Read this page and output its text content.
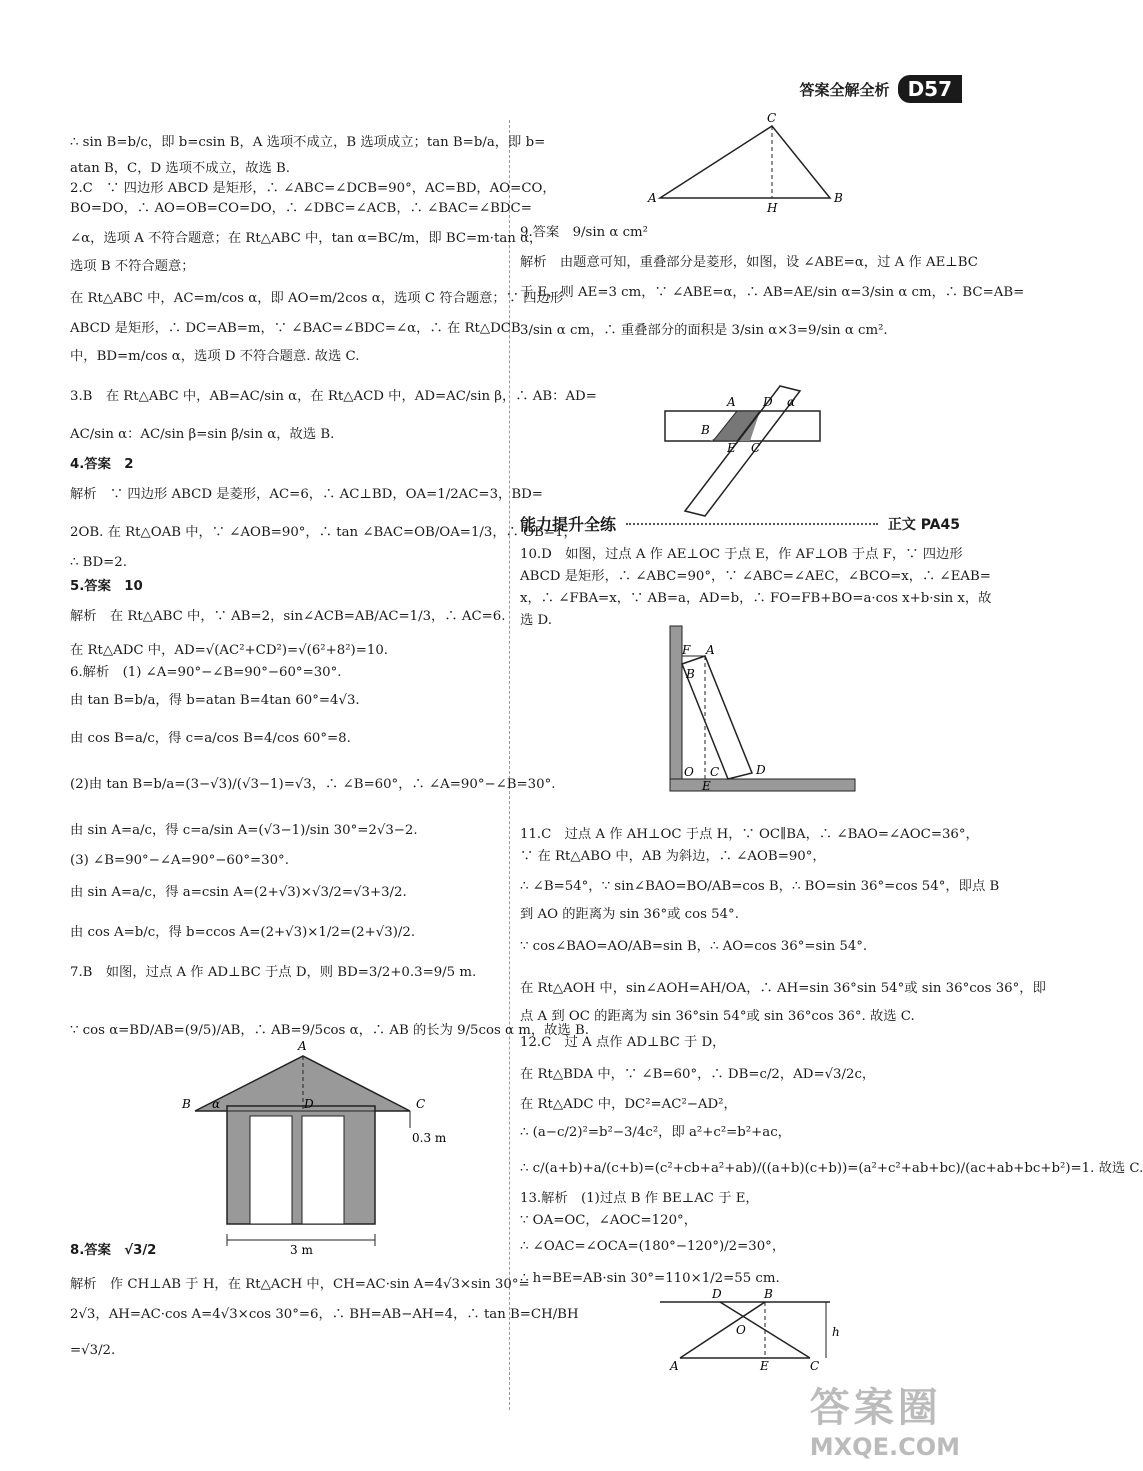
答案全解全析 D57
∴ sin B=b/c，即 b=csin B，A 选项不成立，B 选项成立；tan B=b/a，即 b=
atan B，C，D 选项不成立，故选 B.
2.C　∵ 四边形 ABCD 是矩形，∴ ∠ABC=∠DCB=90°，AC=BD，AO=CO，
BO=DO，∴ AO=OB=CO=DO，∴ ∠DBC=∠ACB，∴ ∠BAC=∠BDC=
∠α，选项 A 不符合题意；在 Rt△ABC 中，tan α=BC/m，即 BC=m·tan α，
选项 B 不符合题意；
在 Rt△ABC 中，AC=m/cos α，即 AO=m/2cos α，选项 C 符合题意；∵ 四边形
ABCD 是矩形，∴ DC=AB=m，∵ ∠BAC=∠BDC=∠α，∴ 在 Rt△DCB
中，BD=m/cos α，选项 D 不符合题意. 故选 C.
3.B　在 Rt△ABC 中，AB=AC/sin α，在 Rt△ACD 中，AD=AC/sin β，∴ AB：AD=
AC/sin α：AC/sin β=sin β/sin α，故选 B.
4.答案　2
解析　∵ 四边形 ABCD 是菱形，AC=6，∴ AC⊥BD，OA=1/2AC=3，BD=
2OB. 在 Rt△OAB 中，∵ ∠AOB=90°，∴ tan ∠BAC=OB/OA=1/3，∴ OB=1，
∴ BD=2.
5.答案　10
解析　在 Rt△ABC 中，∵ AB=2，sin∠ACB=AB/AC=1/3，∴ AC=6.
在 Rt△ADC 中，AD=√(AC²+CD²)=√(6²+8²)=10.
6.解析　(1) ∠A=90°−∠B=90°−60°=30°.
由 tan B=b/a，得 b=atan B=4tan 60°=4√3.
由 cos B=a/c，得 c=a/cos B=4/cos 60°=8.
(2)由 tan B=b/a=(3−√3)/(√3−1)=√3，∴ ∠B=60°，∴ ∠A=90°−∠B=30°.
由 sin A=a/c，得 c=a/sin A=(√3−1)/sin 30°=2√3−2.
(3) ∠B=90°−∠A=90°−60°=30°.
由 sin A=a/c，得 a=csin A=(2+√3)×√3/2=√3+3/2.
由 cos A=b/c，得 b=ccos A=(2+√3)×1/2=(2+√3)/2.
7.B　如图，过点 A 作 AD⊥BC 于点 D，则 BD=3/2+0.3=9/5 m.
∵ cos α=BD/AB=(9/5)/AB，∴ AB=9/5cos α，∴ AB 的长为 9/5cos α m，故选 B.
A
B	D	C
α
0.3 m
3 m
8.答案　√3/2
解析　作 CH⊥AB 于 H，在 Rt△ACH 中，CH=AC·sin A=4√3×sin 30°=
2√3，AH=AC·cos A=4√3×cos 30°=6，∴ BH=AB−AH=4，∴ tan B=CH/BH
=√3/2.
C
A
H
B
9.答案　9/sin α cm²
解析　由题意可知，重叠部分是菱形，如图，设 ∠ABE=α，过 A 作 AE⊥BC
于 E，则 AE=3 cm，∵ ∠ABE=α，∴ AB=AE/sin α=3/sin α cm，∴ BC=AB=
3/sin α cm，∴ 重叠部分的面积是 3/sin α×3=9/sin α cm².
A D α
B
E C
能力提升全练	正文 PA45
10.D　如图，过点 A 作 AE⊥OC 于点 E，作 AF⊥OB 于点 F，∵ 四边形
ABCD 是矩形，∴ ∠ABC=90°，∵ ∠ABC=∠AEC，∠BCO=x，∴ ∠EAB=
x，∴ ∠FBA=x，∵ AB=a，AD=b，∴ FO=FB+BO=a·cos x+b·sin x，故
选 D.
F A
B
O C
E
D
11.C　过点 A 作 AH⊥OC 于点 H，∵ OC∥BA，∴ ∠BAO=∠AOC=36°，
∵ 在 Rt△ABO 中，AB 为斜边，∴ ∠AOB=90°，
∴ ∠B=54°，∵ sin∠BAO=BO/AB=cos B，∴ BO=sin 36°=cos 54°，即点 B
到 AO 的距离为 sin 36°或 cos 54°.
∵ cos∠BAO=AO/AB=sin B，∴ AO=cos 36°=sin 54°.
在 Rt△AOH 中，sin∠AOH=AH/OA，∴ AH=sin 36°sin 54°或 sin 36°cos 36°，即
点 A 到 OC 的距离为 sin 36°sin 54°或 sin 36°cos 36°. 故选 C.
12.C　过 A 点作 AD⊥BC 于 D，
在 Rt△BDA 中，∵ ∠B=60°，∴ DB=c/2，AD=√3/2c，
在 Rt△ADC 中，DC²=AC²−AD²，
∴ (a−c/2)²=b²−3/4c²，即 a²+c²=b²+ac，
∴ c/(a+b)+a/(c+b)=(c²+cb+a²+ab)/((a+b)(c+b))=(a²+c²+ab+bc)/(ac+ab+bc+b²)=1. 故选 C.
13.解析　(1)过点 B 作 BE⊥AC 于 E，
∵ OA=OC，∠AOC=120°，
∴ ∠OAC=∠OCA=(180°−120°)/2=30°，
∴ h=BE=AB·sin 30°=110×1/2=55 cm.
D	B
O	h
A	E	C
答案圈
MXQE.COM
